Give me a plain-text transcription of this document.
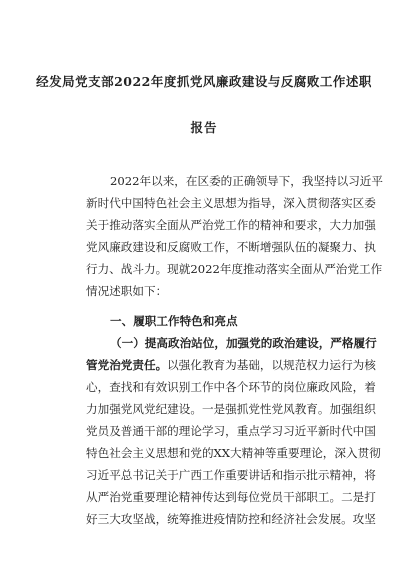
经发局党支部2022年度抓党风廉政建设与反腐败工作述职
报告
2022年以来，在区委的正确领导下，我坚持以习近平
新时代中国特色社会主义思想为指导，深入贯彻落实区委
关于推动落实全面从严治党工作的精神和要求，大力加强
党风廉政建设和反腐败工作，不断增强队伍的凝聚力、执
行力、战斗力。现就2022年度推动落实全面从严治党工作
情况述职如下：
一、履职工作特色和亮点
（一）提高政治站位，加强党的政治建设，严格履行
管党治党责任。以强化教育为基础，以规范权力运行为核
心，查找和有效识别工作中各个环节的岗位廉政风险，着
力加强党风党纪建设。一是强抓党性党风教育。加强组织
党员及普通干部的理论学习，重点学习习近平新时代中国
特色社会主义思想和党的XX大精神等重要理论，深入贯彻
习近平总书记关于广西工作重要讲话和指示批示精神，将
从严治党重要理论精神传达到每位党员干部职工。二是打
好三大攻坚战，统筹推进疫情防控和经济社会发展。攻坚
